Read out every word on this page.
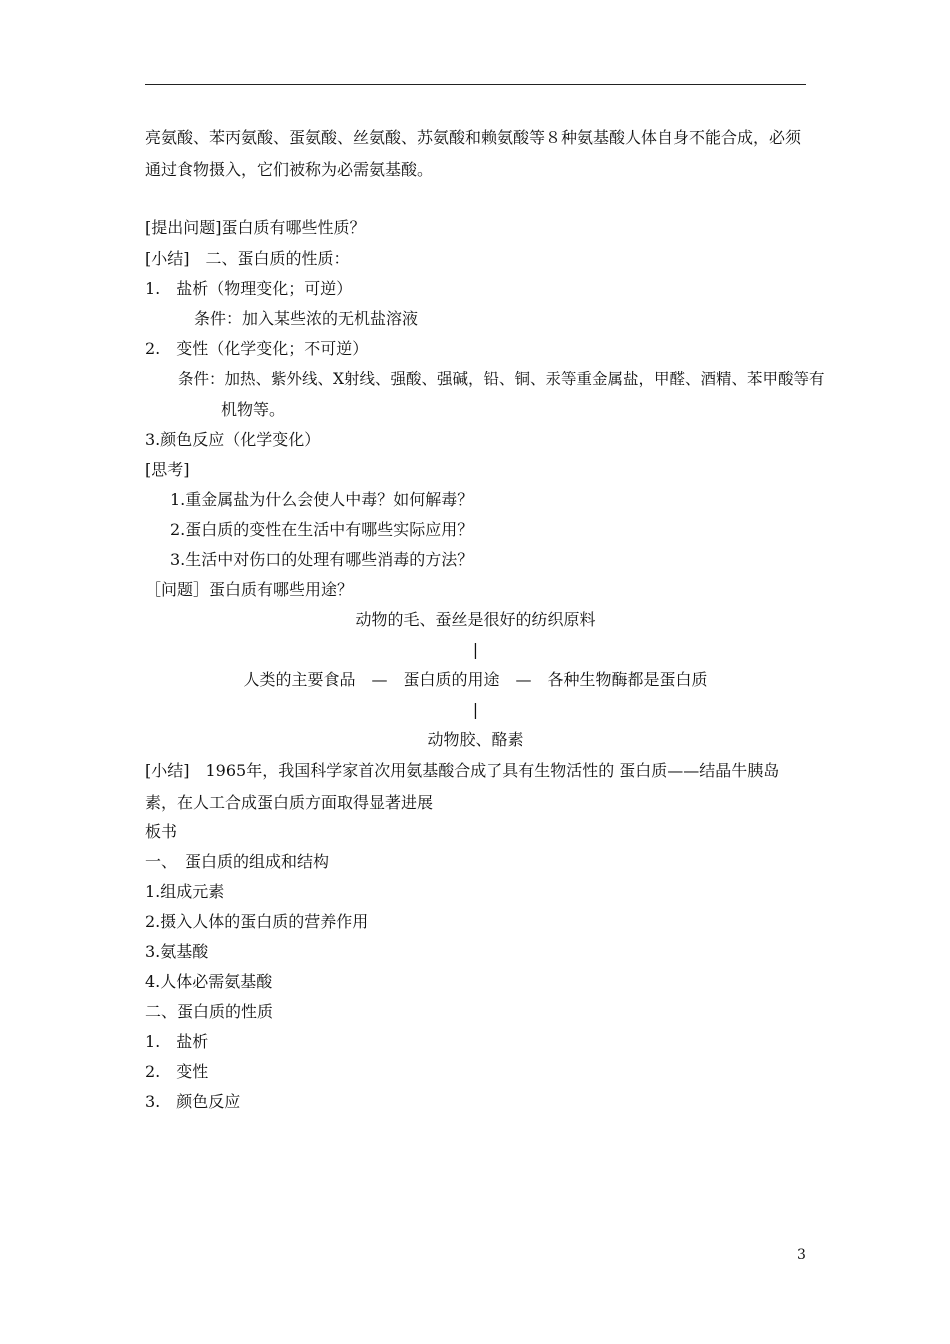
亮氨酸、苯丙氨酸、蛋氨酸、丝氨酸、苏氨酸和赖氨酸等８种氨基酸人体自身不能合成，必须
通过食物摄入，它们被称为必需氨基酸。
[提出问题]蛋白质有哪些性质？
[小结]　二、蛋白质的性质：
1.　盐析（物理变化；可逆）
条件：加入某些浓的无机盐溶液
2.　变性（化学变化；不可逆）
条件：加热、紫外线、X射线、强酸、强碱，铅、铜、汞等重金属盐，甲醛、酒精、苯甲酸等有
机物等。
3.颜色反应（化学变化）
[思考]
1.重金属盐为什么会使人中毒？如何解毒？
2.蛋白质的变性在生活中有哪些实际应用？
3.生活中对伤口的处理有哪些消毒的方法？
［问题］蛋白质有哪些用途？
动物的毛、蚕丝是很好的纺织原料
|
人类的主要食品　—　蛋白质的用途　—　各种生物酶都是蛋白质
|
动物胶、酪素
[小结]　1965年，我国科学家首次用氨基酸合成了具有生物活性的 蛋白质——结晶牛胰岛
素，在人工合成蛋白质方面取得显著进展
板书
一、　蛋白质的组成和结构
1.组成元素
2.摄入人体的蛋白质的营养作用
3.氨基酸
4.人体必需氨基酸
二、蛋白质的性质
1.　盐析
2.　变性
3.　颜色反应
3
